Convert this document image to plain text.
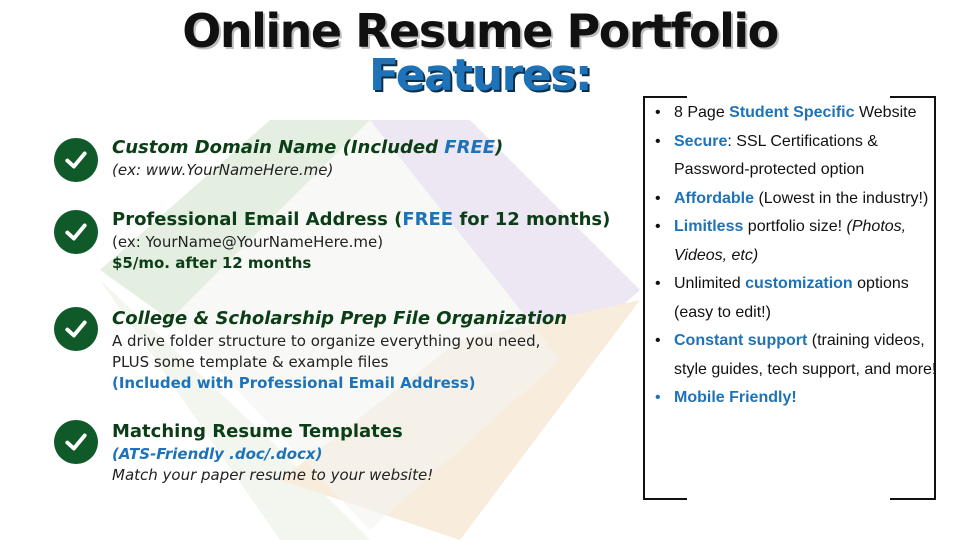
Online Resume Portfolio
Features:
Custom Domain Name (Included FREE)
(ex: www.YourNameHere.me)
Professional Email Address (FREE for 12 months)
(ex: YourName@YourNameHere.me)
$5/mo. after 12 months
College & Scholarship Prep File Organization
A drive folder structure to organize everything you need,
PLUS some template & example files
(Included with Professional Email Address)
Matching Resume Templates
(ATS-Friendly .doc/.docx)
Match your paper resume to your website!
• 8 Page Student Specific Website
• Secure: SSL Certifications & Password-protected option
• Affordable (Lowest in the industry!)
• Limitless portfolio size! (Photos, Videos, etc)
• Unlimited customization options (easy to edit!)
• Constant support (training videos, style guides, tech support, and more!
• Mobile Friendly!
